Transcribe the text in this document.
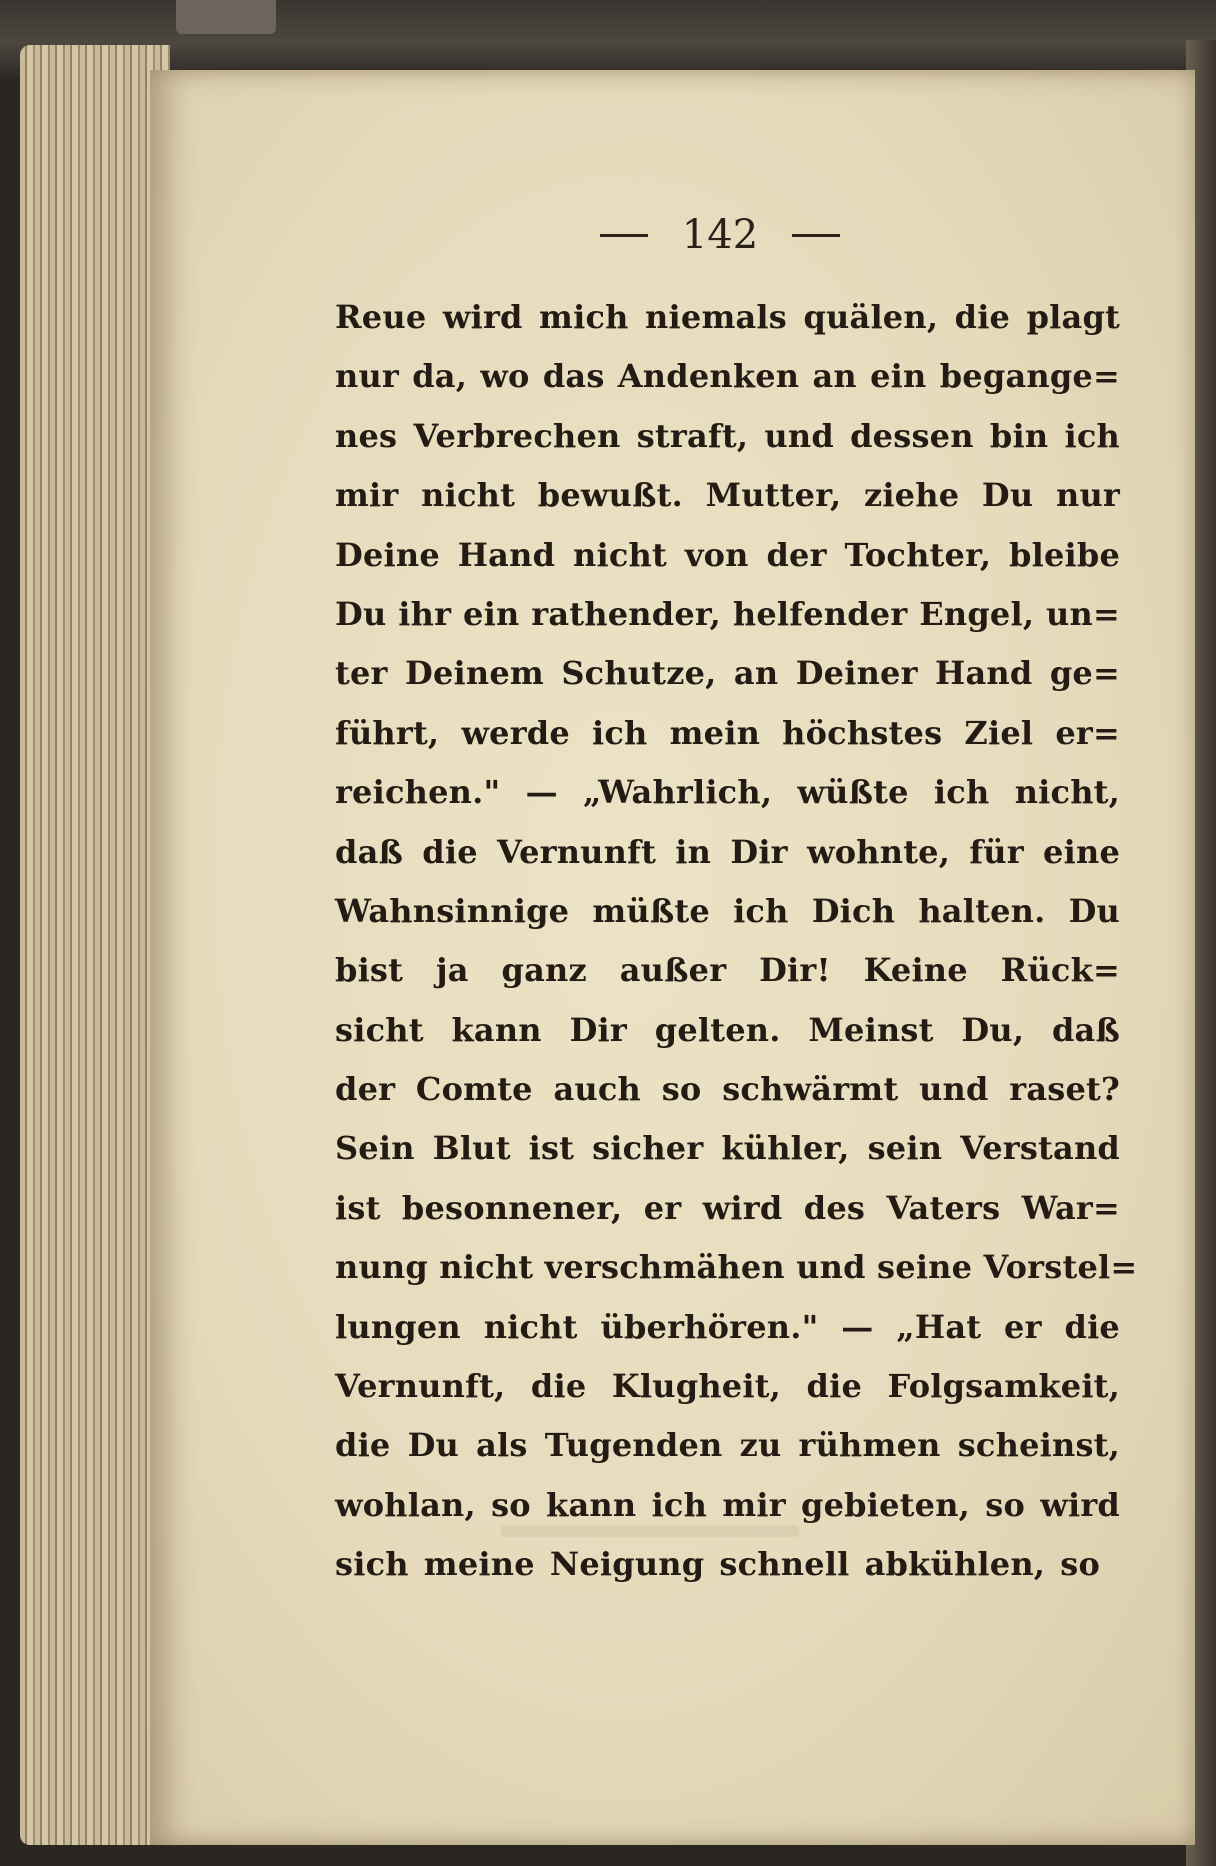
142
Reue wird mich niemals quälen, die plagt
nur da, wo das Andenken an ein begange=
nes Verbrechen straft, und dessen bin ich
mir nicht bewußt. Mutter, ziehe Du nur
Deine Hand nicht von der Tochter, bleibe
Du ihr ein rathender, helfender Engel, un=
ter Deinem Schutze, an Deiner Hand ge=
führt, werde ich mein höchstes Ziel er=
reichen." — „Wahrlich, wüßte ich nicht,
daß die Vernunft in Dir wohnte, für eine
Wahnsinnige müßte ich Dich halten. Du
bist ja ganz außer Dir! Keine Rück=
sicht kann Dir gelten. Meinst Du, daß
der Comte auch so schwärmt und raset?
Sein Blut ist sicher kühler, sein Verstand
ist besonnener, er wird des Vaters War=
nung nicht verschmähen und seine Vorstel=
lungen nicht überhören." — „Hat er die
Vernunft, die Klugheit, die Folgsamkeit,
die Du als Tugenden zu rühmen scheinst,
wohlan, so kann ich mir gebieten, so wird
sich meine Neigung schnell abkühlen, so
